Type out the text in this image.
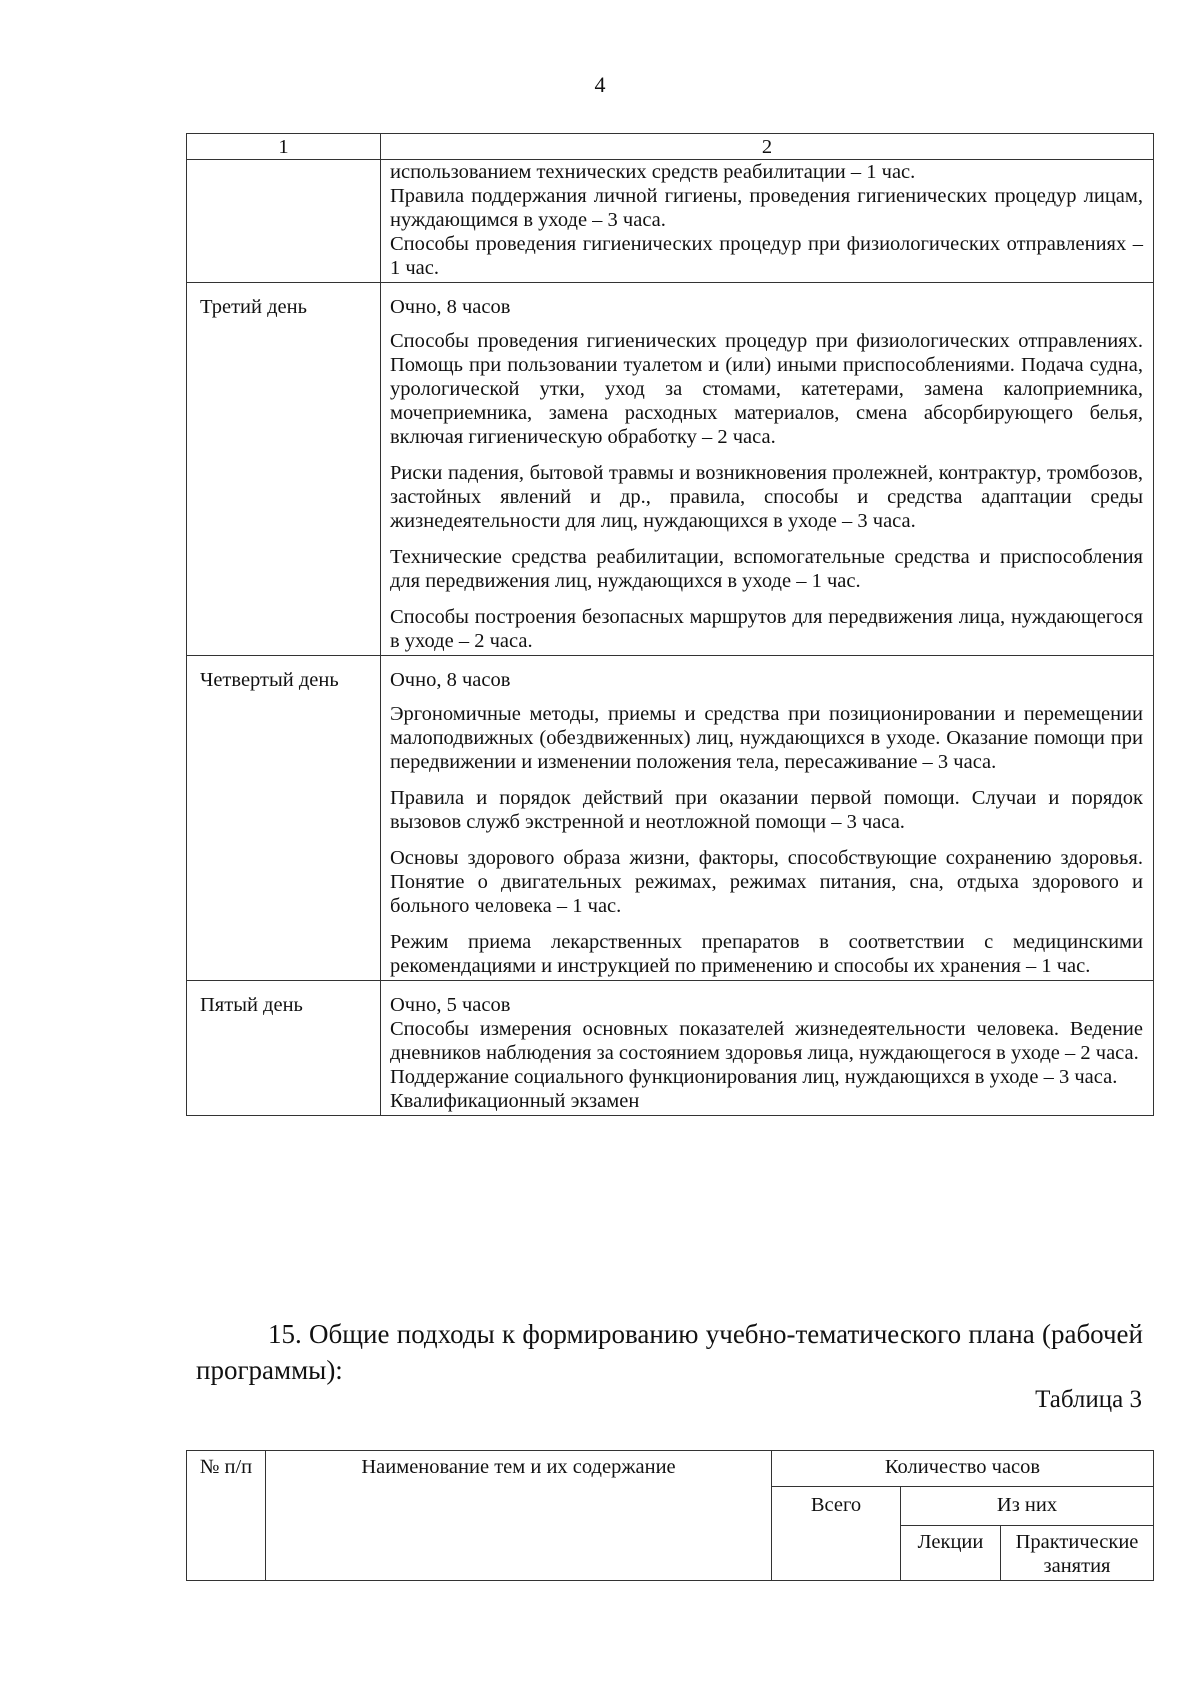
4
1	2

	использованием технических средств реабилитации – 1 час.
Правила поддержания личной гигиены, проведения гигиенических процедур лицам, нуждающимся в уходе – 3 часа.
Способы проведения гигиенических процедур при физиологических отправлениях – 1 час.

Третий день	Очно, 8 часов
Способы проведения гигиенических процедур при физиологических отправлениях. Помощь при пользовании туалетом и (или) иными приспособлениями. Подача судна, урологической утки, уход за стомами, катетерами, замена калоприемника, мочеприемника, замена расходных материалов, смена абсорбирующего белья, включая гигиеническую обработку – 2 часа.
Риски падения, бытовой травмы и возникновения пролежней, контрактур, тромбозов, застойных явлений и др., правила, способы и средства адаптации среды жизнедеятельности для лиц, нуждающихся в уходе – 3 часа.
Технические средства реабилитации, вспомогательные средства и приспособления для передвижения лиц, нуждающихся в уходе – 1 час.
Способы построения безопасных маршрутов для передвижения лица, нуждающегося в уходе – 2 часа.

Четвертый день	Очно, 8 часов
Эргономичные методы, приемы и средства при позиционировании и перемещении малоподвижных (обездвиженных) лиц, нуждающихся в уходе. Оказание помощи при передвижении и изменении положения тела, пересаживание – 3 часа.
Правила и порядок действий при оказании первой помощи. Случаи и порядок вызовов служб экстренной и неотложной помощи – 3 часа.
Основы здорового образа жизни, факторы, способствующие сохранению здоровья. Понятие о двигательных режимах, режимах питания, сна, отдыха здорового и больного человека – 1 час.
Режим приема лекарственных препаратов в соответствии с медицинскими рекомендациями и инструкцией по применению и способы их хранения – 1 час.

Пятый день	Очно, 5 часов
Способы измерения основных показателей жизнедеятельности человека. Ведение дневников наблюдения за состоянием здоровья лица, нуждающегося в уходе – 2 часа.
Поддержание социального функционирования лиц, нуждающихся в уходе – 3 часа.
Квалификационный экзамен
15. Общие подходы к формированию учебно-тематического плана (рабочей программы):
Таблица 3
№ п/п	Наименование тем и их содержание	Количество часов		
		Всего	Из них	
			Лекции	Практические занятия
